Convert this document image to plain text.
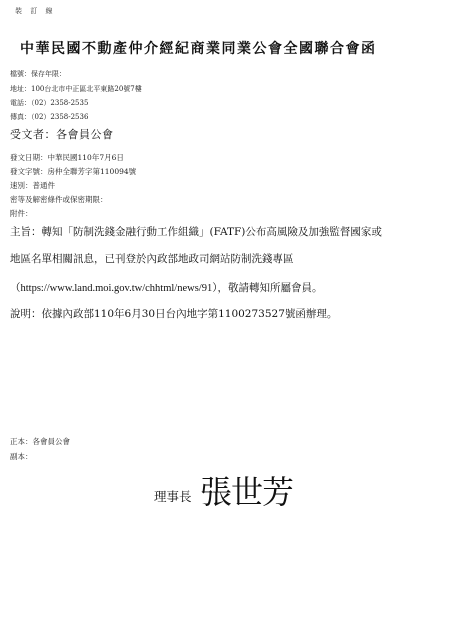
裝 訂 線
中華民國不動產仲介經紀商業同業公會全國聯合會函
檔號：保存年限：
地址：100台北市中正區北平東路20號7樓
電話：（02）2358-2535
傳真：（02）2358-2536
受文者：各會員公會
發文日期：中華民國110年7月6日
發文字號：房仲全聯芳字第110094號
速別：普通件
密等及解密條件或保密期限：
附件：
主旨：轉知「防制洗錢金融行動工作組織」(FATF)公布高風險及加強監督國家或
地區名單相關訊息，已刊登於內政部地政司網站防制洗錢專區
（https://www.land.moi.gov.tw/chhtml/news/91），敬請轉知所屬會員。
說明：依據內政部110年6月30日台內地字第1100273527號函辦理。
正本：各會員公會
副本：
理事長 張世芳
